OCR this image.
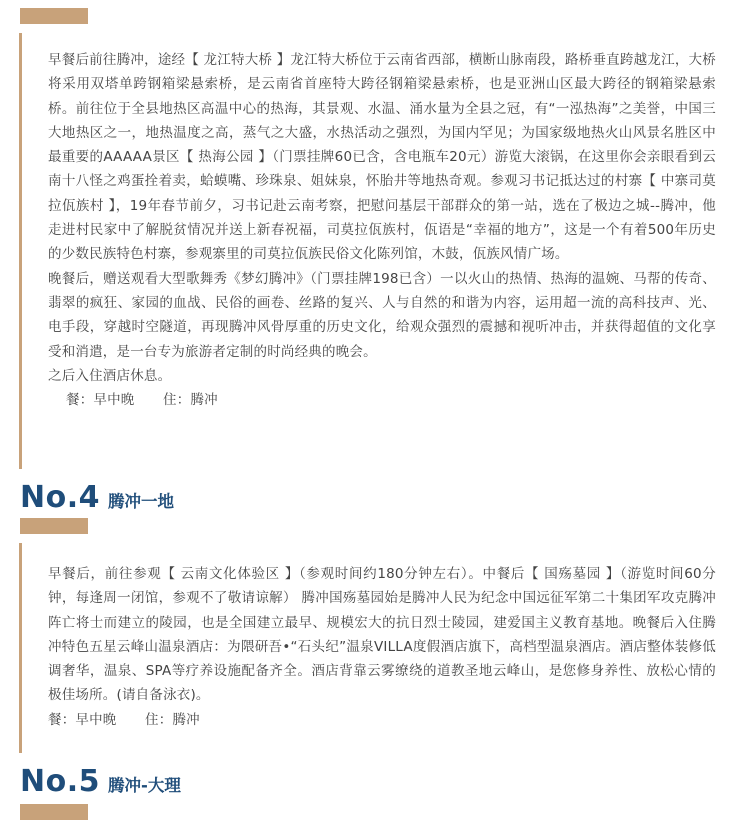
早餐后前往腾冲，途经【 龙江特大桥 】龙江特大桥位于云南省西部，横断山脉南段，路桥垂直跨越龙江，大桥将采用双塔单跨钢箱梁悬索桥，是云南省首座特大跨径钢箱梁悬索桥，也是亚洲山区最大跨径的钢箱梁悬索桥。前往位于全县地热区高温中心的热海，其景观、水温、涌水量为全县之冠，有“一泓热海”之美誉，中国三大地热区之一，地热温度之高，蒸气之大盛，水热活动之强烈，为国内罕见；为国家级地热火山风景名胜区中最重要的AAAAA景区【 热海公园 】（门票挂牌60已含，含电瓶车20元）游览大滚锅，在这里你会亲眼看到云南十八怪之鸡蛋拴着卖，蛤蟆嘴、珍珠泉、姐妹泉，怀胎井等地热奇观。参观习书记抵达过的村寨【 中寨司莫拉佤族村 】，19年春节前夕，习书记赴云南考察，把慰问基层干部群众的第一站，选在了极边之城--腾冲，他走进村民家中了解脱贫情况并送上新春祝福，司莫拉佤族村，佤语是“幸福的地方”，这是一个有着500年历史的少数民族特色村寨，参观寨里的司莫拉佤族民俗文化陈列馆，木鼓，佤族风情广场。

晚餐后，赠送观看大型歌舞秀《梦幻腾冲》（门票挂牌198已含）一以火山的热情、热海的温婉、马帮的传奇、翡翠的疯狂、家园的血战、民俗的画卷、丝路的复兴、人与自然的和谐为内容，运用超一流的高科技声、光、电手段，穿越时空隧道，再现腾冲风骨厚重的历史文化，给观众强烈的震撼和视听冲击，并获得超值的文化享受和消遣，是一台专为旅游者定制的时尚经典的晚会。

之后入住酒店休息。

餐：早中晚 住：腾冲

No.4 腾冲一地

早餐后，前往参观【 云南文化体验区 】（参观时间约180分钟左右）。中餐后【 国殇墓园 】（游览时间60分钟，每逢周一闭馆，参观不了敬请谅解） 腾冲国殇墓园始是腾冲人民为纪念中国远征军第二十集团军攻克腾冲阵亡将士而建立的陵园，也是全国建立最早、规模宏大的抗日烈士陵园，建爱国主义教育基地。晚餐后入住腾冲特色五星云峰山温泉酒店：为隈研吾•“石头纪”温泉VILLA度假酒店旗下，高档型温泉酒店。酒店整体装修低调奢华，温泉、SPA等疗养设施配备齐全。酒店背靠云雾缭绕的道教圣地云峰山，是您修身养性、放松心情的极佳场所。(请自备泳衣)。

餐：早中晚 住：腾冲

No.5 腾冲-大理
